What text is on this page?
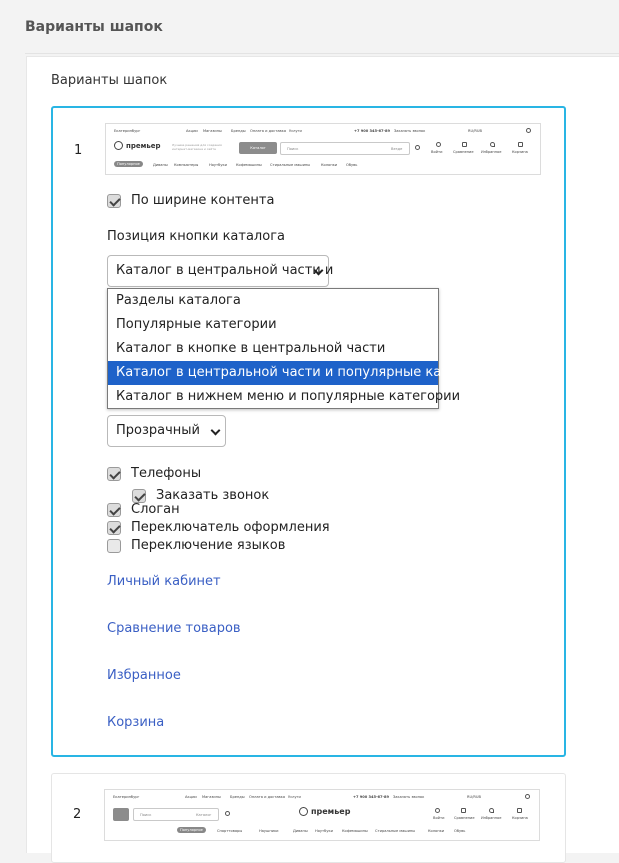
Варианты шапок
Варианты шапок
1
Екатеринбург	Акции Магазины	Бренды Оплата и доставка Услуги	+7 900 345-67-89 Заказать звонок	RU/RUB
премьер	Лучшие решения для создания интернет-магазина и сайта	Каталог	Поиск	Везде
Войти	Сравнение Избранное	Корзина
Популярное	Диваны Компьютеры	Ноутбуки	Кофемашины Стиральные машины	Колонки Обувь
По ширине контента
Позиция кнопки каталога
Каталог в центральной части и
Разделы каталога
Популярные категории
Каталог в кнопке в центральной части
Каталог в центральной части и популярные категории
Каталог в нижнем меню и популярные категории
Прозрачный
Телефоны
Заказать звонок
Слоган
Переключатель оформления
Переключение языков
Личный кабинет
Сравнение товаров
Избранное
Корзина
2
Екатеринбург	Акции Магазины	Бренды Оплата и доставка Услуги	+7 900 345-67-89 Заказать звонок	RU/RUB
Поиск	Каталог	премьер
Войти	Сравнение Избранное	Корзина
Популярное	Спорттовары	Наушники	Диваны Ноутбуки	Кофемашины Стиральные машины	Колонки	Обувь
